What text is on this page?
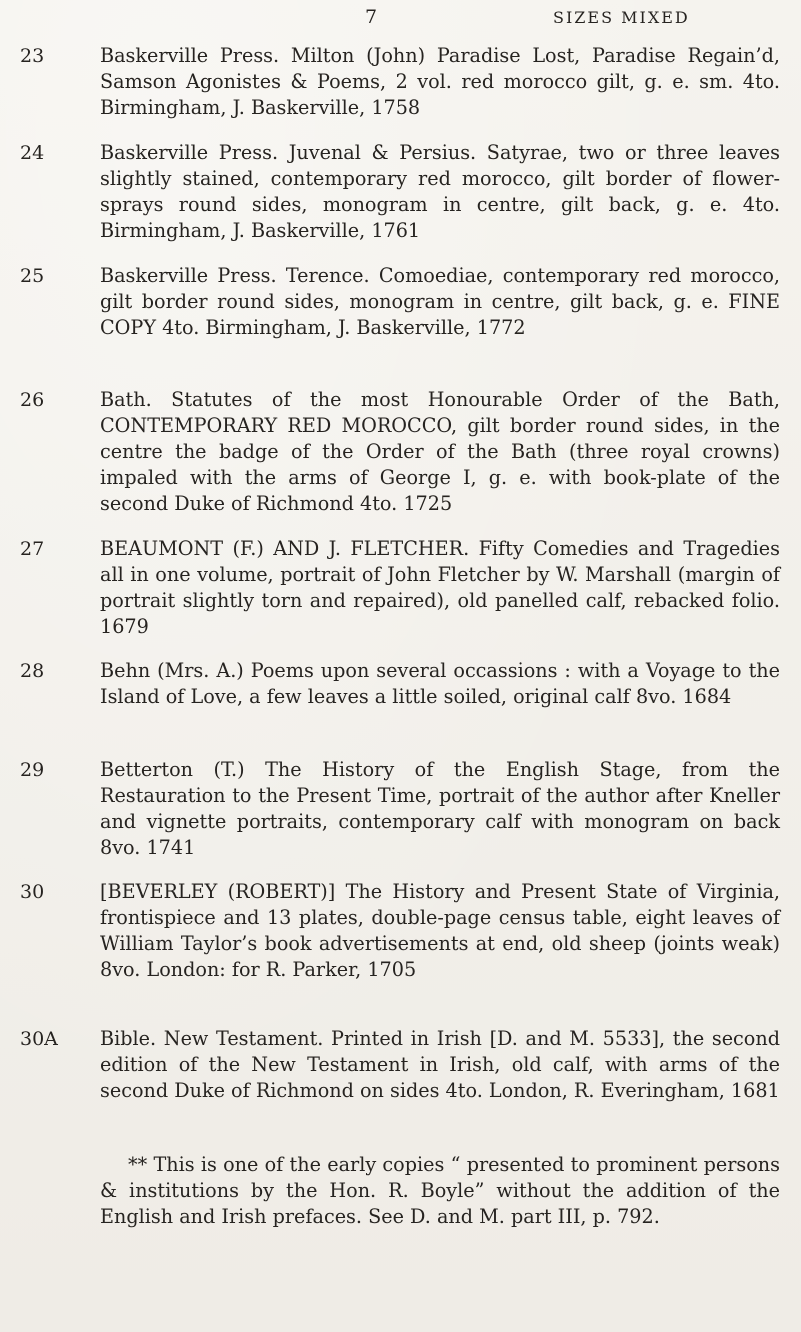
7	SIZES MIXED
23	Baskerville Press. Milton (John) Paradise Lost, Paradise Regain’d, Samson Agonistes & Poems, 2 vol. red morocco gilt, g. e. sm. 4to. Birmingham, J. Baskerville, 1758
24	Baskerville Press. Juvenal & Persius. Satyrae, two or three leaves slightly stained, contemporary red morocco, gilt border of flower-sprays round sides, monogram in centre, gilt back, g. e. 4to. Birmingham, J. Baskerville, 1761
25	Baskerville Press. Terence. Comoediae, contemporary red morocco, gilt border round sides, monogram in centre, gilt back, g. e. FINE COPY 4to. Birmingham, J. Baskerville, 1772
26	Bath. Statutes of the most Honourable Order of the Bath, CONTEMPORARY RED MOROCCO, gilt border round sides, in the centre the badge of the Order of the Bath (three royal crowns) impaled with the arms of George I, g. e. with book-plate of the second Duke of Richmond 4to. 1725
27	BEAUMONT (F.) AND J. FLETCHER. Fifty Comedies and Tragedies all in one volume, portrait of John Fletcher by W. Marshall (margin of portrait slightly torn and repaired), old panelled calf, rebacked folio. 1679
28	Behn (Mrs. A.) Poems upon several occassions : with a Voyage to the Island of Love, a few leaves a little soiled, original calf 8vo. 1684
29	Betterton (T.) The History of the English Stage, from the Restauration to the Present Time, portrait of the author after Kneller and vignette portraits, contemporary calf with monogram on back 8vo. 1741
30	[BEVERLEY (ROBERT)] The History and Present State of Virginia, frontispiece and 13 plates, double-page census table, eight leaves of William Taylor’s book advertisements at end, old sheep (joints weak) 8vo. London: for R. Parker, 1705
30A	Bible. New Testament. Printed in Irish [D. and M. 5533], the second edition of the New Testament in Irish, old calf, with arms of the second Duke of Richmond on sides 4to. London, R. Everingham, 1681
** This is one of the early copies “ presented to prominent persons & institutions by the Hon. R. Boyle” without the addition of the English and Irish prefaces. See D. and M. part III, p. 792.
